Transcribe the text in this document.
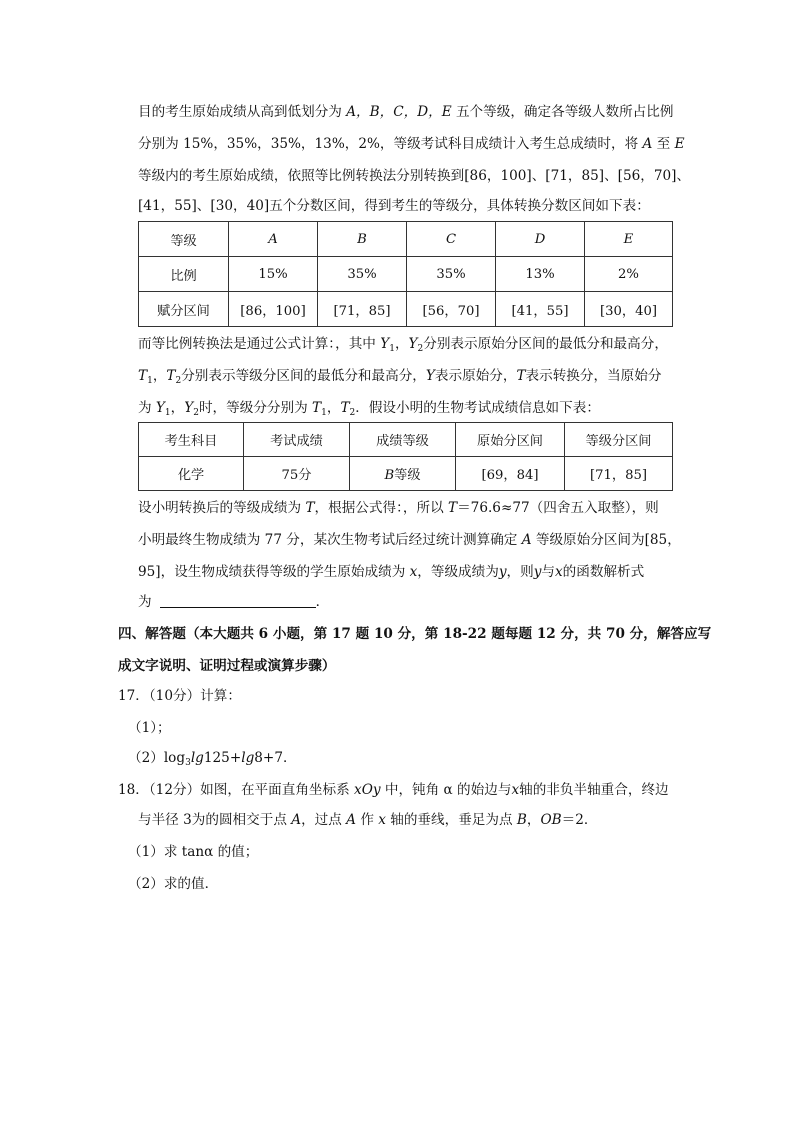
目的考生原始成绩从高到低划分为 A，B，C，D，E 五个等级，确定各等级人数所占比例
分别为 15%，35%，35%，13%，2%，等级考试科目成绩计入考生总成绩时，将 A 至 E
等级内的考生原始成绩，依照等比例转换法分别转换到[86，100]、[71，85]、[56，70]、
[41，55]、[30，40]五个分数区间，得到考生的等级分，具体转换分数区间如下表：
等级	A	B	C	D	E
比例	15%	35%	35%	13%	2%
赋分区间	[86，100]	[71，85]	[56，70]	[41，55]	[30，40]
而等比例转换法是通过公式计算：，其中 $Y_1$，$Y_2$分别表示原始分区间的最低分和最高分，
$T_1$，$T_2$分别表示等级分区间的最低分和最高分，Y表示原始分，T表示转换分，当原始分
为 $Y_1$，$Y_2$时，等级分分别为 $T_1$，$T_2$．假设小明的生物考试成绩信息如下表：
考生科目	考试成绩	成绩等级	原始分区间	等级分区间
化学	75分	B等级	[69，84]	[71，85]
设小明转换后的等级成绩为 T，根据公式得：，所以 T＝76.6≈77（四舍五入取整），则
小明最终生物成绩为 77 分，某次生物考试后经过统计测算确定 A 等级原始分区间为[85，
95]，设生物成绩获得等级的学生原始成绩为 x，等级成绩为y，则y与x的函数解析式
为	．
四、解答题（本大题共 6 小题，第 17 题 10 分，第 18-22 题每题 12 分，共 70 分，解答应写
成文字说明、证明过程或演算步骤）
17．（10分）计算：
（1）；
$(2)\log_3\lg 125+\lg 8+7$．
18．（12分）如图，在平面直角坐标系 xOy 中，钝角 α 的始边与x轴的非负半轴重合，终边
与半径 3为的圆相交于点 A，过点 A 作 x 轴的垂线，垂足为点 B，OB＝2．
（1）求 tanα 的值；
（2）求的值．
